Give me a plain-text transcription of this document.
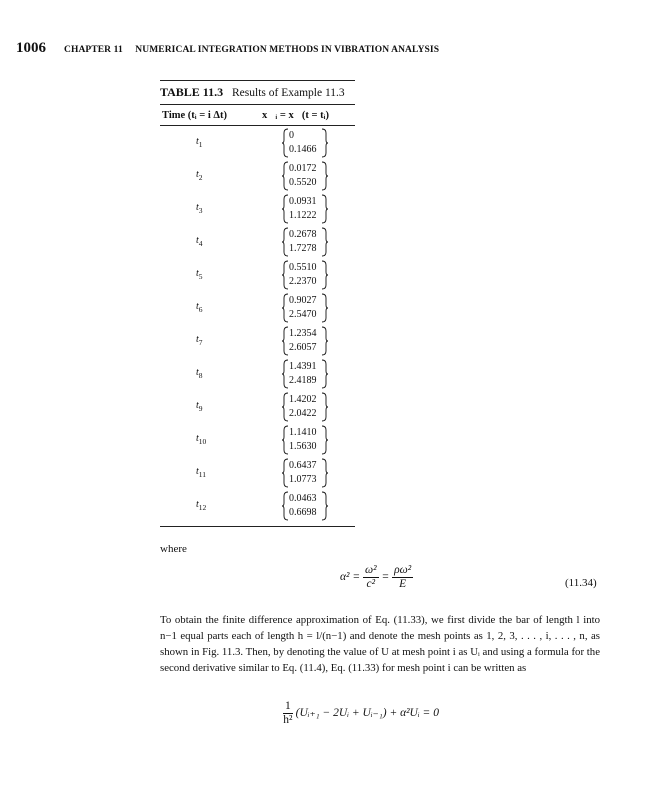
1006 CHAPTER 11 NUMERICAL INTEGRATION METHODS IN VIBRATION ANALYSIS
TABLE 11.3 Results of Example 11.3
Time (tᵢ = i Δt)	x⃗ᵢ = x⃗(t = tᵢ)
$t_1$
0
0.1466
$t_2$
0.0172
0.5520
$t_3$
0.0931
1.1222
$t_4$
0.2678
1.7278
$t_5$
0.5510
2.2370
$t_6$
0.9027
2.5470
$t_7$
1.2354
2.6057
$t_8$
1.4391
2.4189
$t_9$
1.4202
2.0422
$t_{10}$
1.1410
1.5630
$t_{11}$
0.6437
1.0773
$t_{12}$
0.0463
0.6698
where
$\alpha^2 = \frac{\text{ω²}}{\text{c²}} = \frac{\text{ρω²}}{E}$	(11.34)
To obtain the finite difference approximation of Eq. (11.33), we first divide the bar of length l into n−1 equal parts each of length h = l/(n−1) and denote the mesh points as 1, 2, 3, . . . , i, . . . , n, as shown in Fig. 11.3. Then, by denoting the value of U at mesh point i as Uᵢ and using a formula for the second derivative similar to Eq. (11.4), Eq. (11.33) for mesh point i can be written as
$\frac{1}{\text{h²}}$ (Uᵢ₊₁ − 2Uᵢ + Uᵢ₋₁) + α²Uᵢ = 0
